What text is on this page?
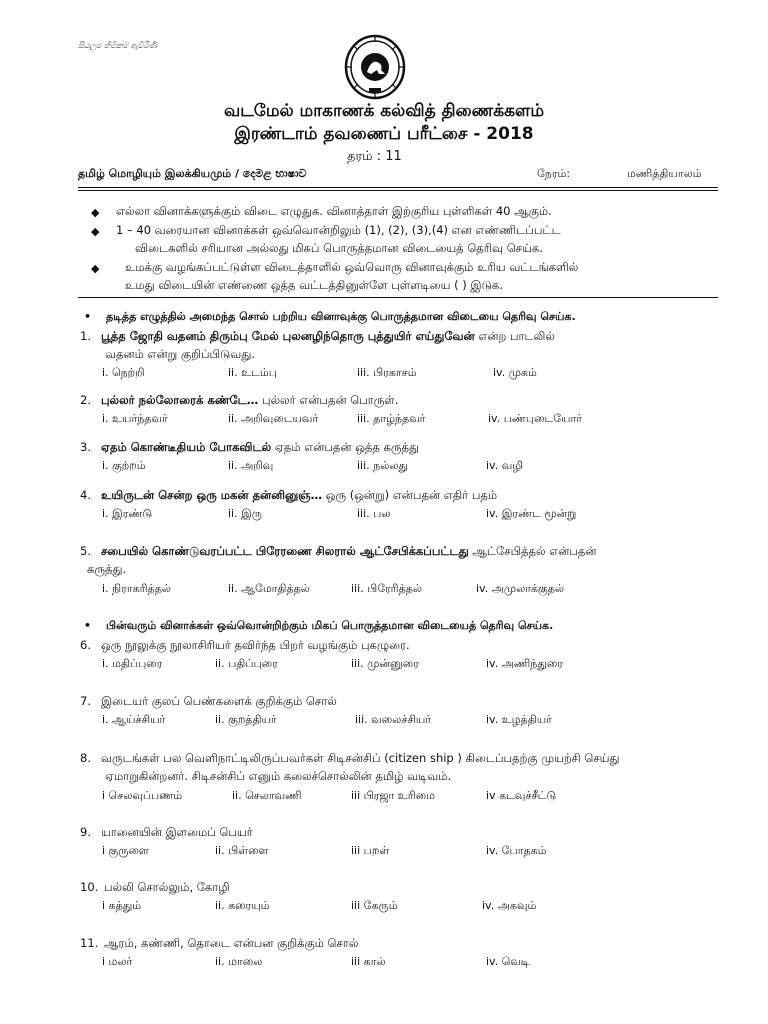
සියලුම හිමිකම් ඇවිරිණි
வடமேல் மாகாணக் கல்வித் திணைக்களம்
இரண்டாம் தவணைப் பரீட்சை - 2018
தரம் : 11
தமிழ் மொழியும் இலக்கியமும் / දෙමළ භාෂාව	நேரம்:	மணித்தியாலம்
◆ எல்லா வினாக்களுக்கும் விடை எழுதுக. வினாத்தாள் இற்குரிய புள்ளிகள் 40 ஆகும்.
◆ 1 – 40 வரையான வினாக்கள் ஒவ்வொன்றிலும் (1), (2), (3),(4) என எண்ணிடப்பட்ட
விடைகளில் சரியான அல்லது மிகப் பொருத்தமான விடையைத் தெரிவு செய்க.
◆ உமக்கு வழங்கப்பட்டுள்ள விடைத்தாளில் ஒவ்வொரு வினாவுக்கும் உரிய வட்டங்களில்
உமது விடையின் எண்ணை ஒத்த வட்டத்தினுள்ளே புள்ளடியை ( ) இடுக.
• தடித்த எழுத்தில் அமைந்த சொல் பற்றிய வினாவுக்கு பொருத்தமான விடையை தெரிவு செய்க.
1. பூத்த ஜோதி வதனம் திரும்பு மேல் புலனழிந்தொரு புத்துயிர் எய்துவேன் என்ற பாடலில்
வதனம் என்று குறிப்பிடுவது.
i. நெற்றி	ii. உடம்பு	iii. பிரகாசம்	iv. முகம்
2. புல்லர் நல்லோரைக் கண்டே… புல்லர் என்பதன் பொருள்.
i. உயர்ந்தவர்	ii. அறிவுடையவர்	iii. தாழ்ந்தவர்	iv. பண்புடையோர்
3. ஏதம் கொண்டீதியம் போகவிடல் ஏதம் என்பதன் ஒத்த கருத்து
i. குற்றம்	ii. அறிவு	iii. நல்லது	iv. வழி
4. உயிருடன் சென்ற ஒரு மகன் தன்னினுஞ்… ஒரு (ஒன்று) என்பதன் எதிர் பதம்
i. இரண்டு	ii. இரு	iii. பல	iv. இரண்ட மூன்று
5. சபையில் கொண்டுவரப்பட்ட பிரேரணை சிலரால் ஆட்சேபிக்கப்பட்டது ஆட்சேபித்தல் என்பதன்
கருத்து.
i. நிராகரித்தல்	ii. ஆமோதித்தல்	iii. பிரேரித்தல்	iv. அமுலாக்குதல்
• பின்வரும் வினாக்கள் ஒவ்வொன்றிற்கும் மிகப் பொருத்தமான விடையைத் தெரிவு செய்க.
6. ஒரு நூலுக்கு நூலாசிரியர் தவிர்ந்த பிறர் வழங்கும் புகழுரை.
i. மதிப்புரை	ii. பதிப்புரை	iii. முன்னுரை	iv. அணிந்துரை
7. இடையர் குலப் பெண்களைக் குறிக்கும் சொல்
i. ஆய்ச்சியர்	ii. குறத்தியர்	iii. வலைச்சியர்	iv. உழத்தியர்
8. வருடங்கள் பல வெளிநாட்டிலிருப்பவர்கள் சிடிசன்சிப் (citizen ship ) கிடைப்பதற்கு முயற்சி செய்து
ஏமாறுகின்றனர். சிடிசன்சிப் எனும் கலைச்சொல்லின் தமிழ் வடிவம்.
i செலவுப்பணம்	ii. செலாவணி	iii பிரஜா உரிமை	iv கடவுச்சீட்டு
9. யானையின் இளமைப் பெயர்
i குருளை	ii. பிள்ளை	iii பறள்	iv. போதகம்
10. பல்லி சொல்லும், கோழி
i கத்தும்	ii. கரையும்	iii கேரும்	iv. அகவும்
11. ஆரம், கண்ணி, தொடை என்பன குறிக்கும் சொல்
i மலர்	ii. மாலை	iii கால்	iv. வெடி
